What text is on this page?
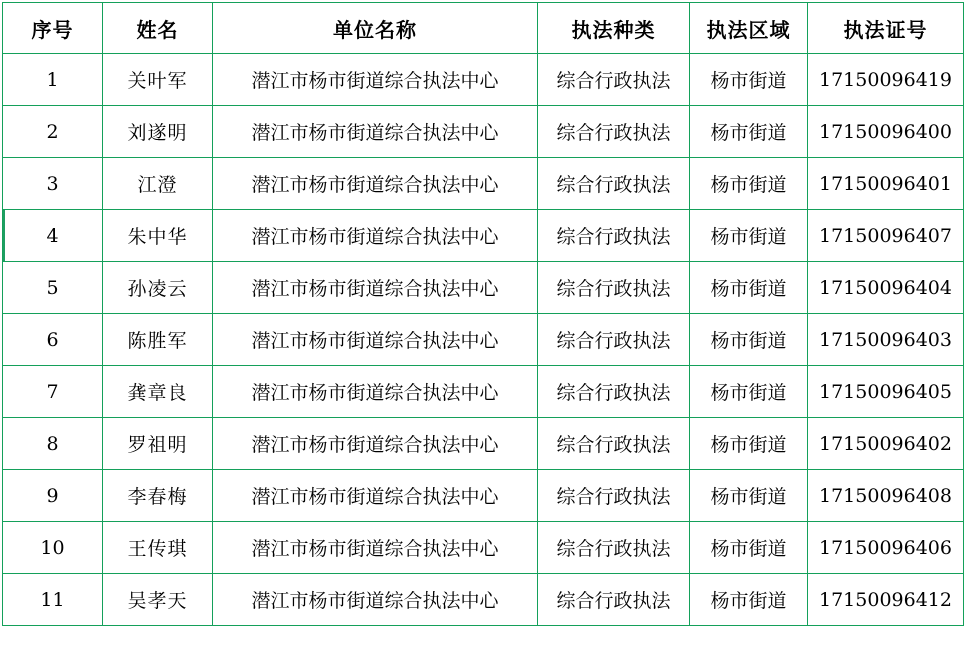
序号	姓名	单位名称	执法种类	执法区域	执法证号
1	关叶军	潜江市杨市街道综合执法中心	综合行政执法	杨市街道	17150096419
2	刘遂明	潜江市杨市街道综合执法中心	综合行政执法	杨市街道	17150096400
3	江澄	潜江市杨市街道综合执法中心	综合行政执法	杨市街道	17150096401
4	朱中华	潜江市杨市街道综合执法中心	综合行政执法	杨市街道	17150096407
5	孙凌云	潜江市杨市街道综合执法中心	综合行政执法	杨市街道	17150096404
6	陈胜军	潜江市杨市街道综合执法中心	综合行政执法	杨市街道	17150096403
7	龚章良	潜江市杨市街道综合执法中心	综合行政执法	杨市街道	17150096405
8	罗祖明	潜江市杨市街道综合执法中心	综合行政执法	杨市街道	17150096402
9	李春梅	潜江市杨市街道综合执法中心	综合行政执法	杨市街道	17150096408
10	王传琪	潜江市杨市街道综合执法中心	综合行政执法	杨市街道	17150096406
11	吴孝天	潜江市杨市街道综合执法中心	综合行政执法	杨市街道	17150096412
